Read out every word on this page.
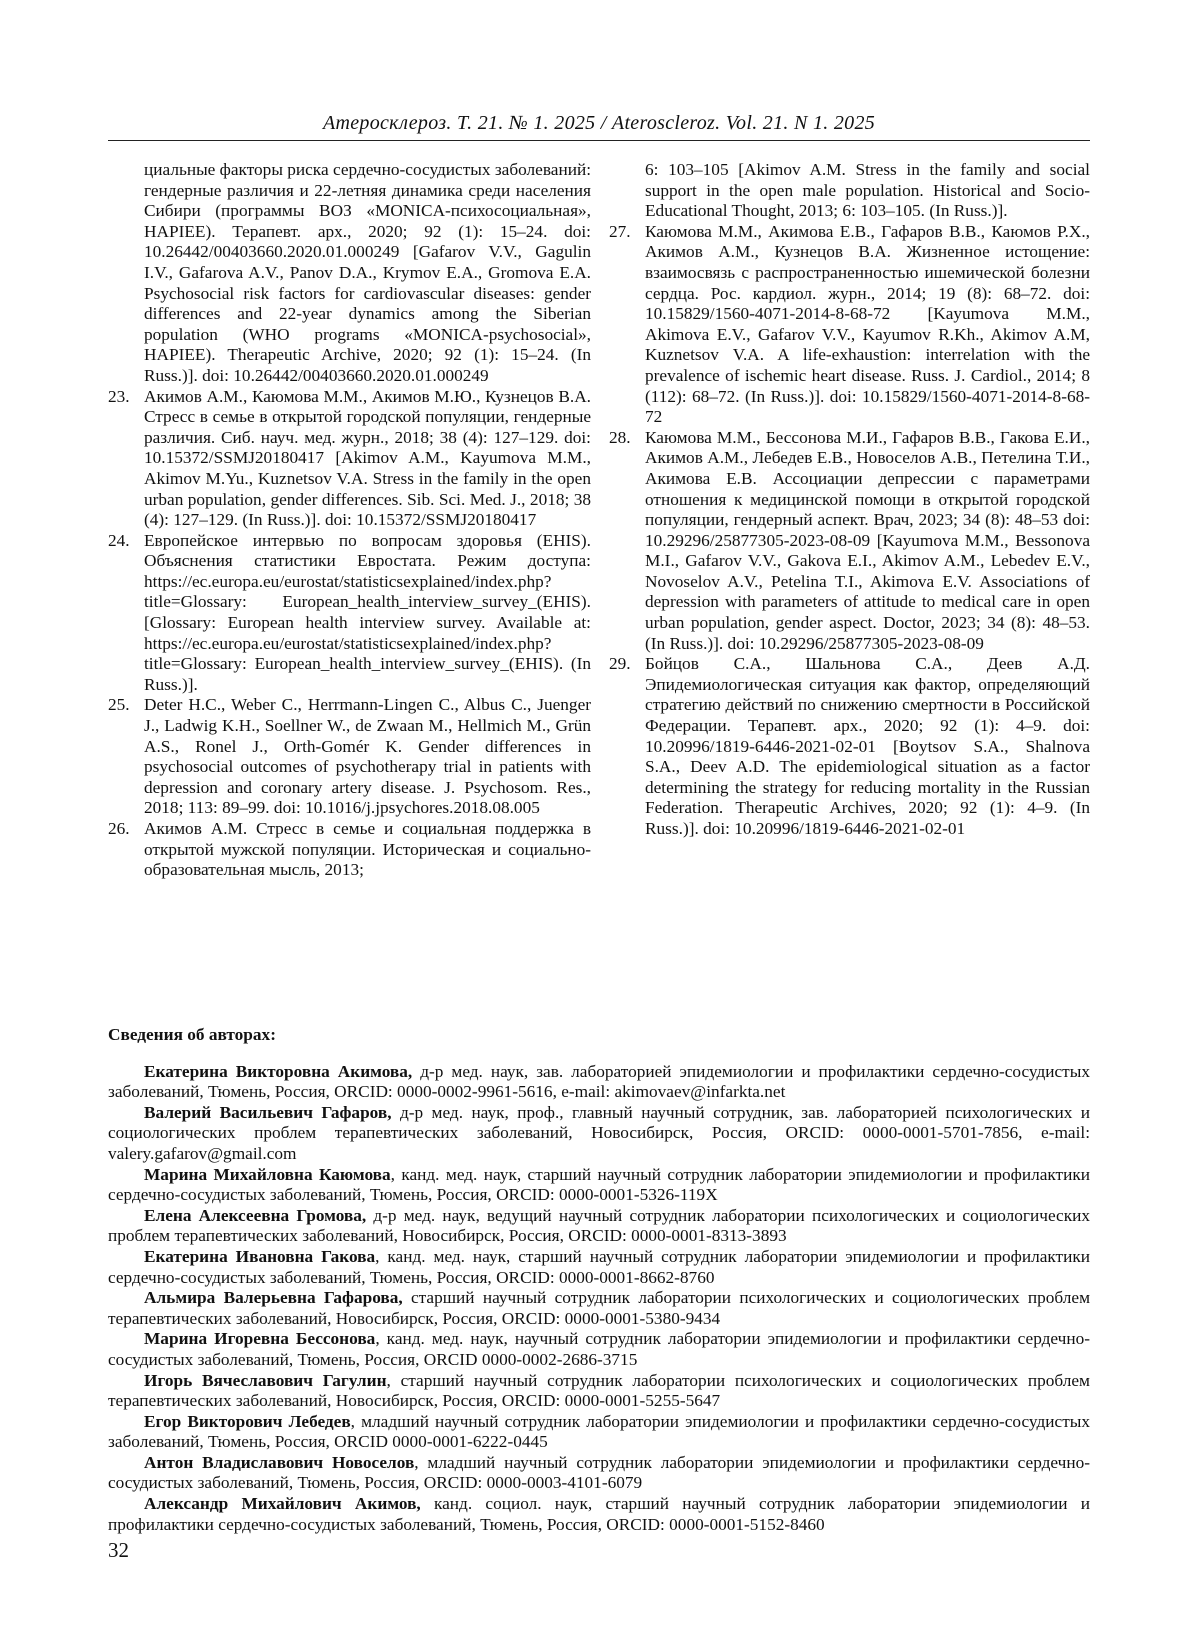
Атеросклероз. Т. 21. № 1. 2025 / Ateroscleroz. Vol. 21. N 1. 2025
циальные факторы риска сердечно-сосудистых заболеваний: гендерные различия и 22-летняя динамика среди населения Сибири (программы ВОЗ «MONICA-психосоциальная», HAPIEE). Терапевт. арх., 2020; 92 (1): 15–24. doi: 10.26442/00403660.2020.01.000249 [Gafarov V.V., Gagulin I.V., Gafarova A.V., Panov D.A., Krymov E.A., Gromova E.A. Psychosocial risk factors for cardiovascular diseases: gender differences and 22-year dynamics among the Siberian population (WHO programs «MONICA-psychosocial», HAPIEE). Therapeutic Archive, 2020; 92 (1): 15–24. (In Russ.)]. doi: 10.26442/00403660.2020.01.000249
23. Акимов А.М., Каюмова М.М., Акимов М.Ю., Кузнецов В.А. Стресс в семье в открытой городской популяции, гендерные различия. Сиб. науч. мед. журн., 2018; 38 (4): 127–129. doi: 10.15372/SSMJ20180417 [Akimov A.M., Kayumova M.M., Akimov M.Yu., Kuznetsov V.A. Stress in the family in the open urban population, gender differences. Sib. Sci. Med. J., 2018; 38 (4): 127–129. (In Russ.)]. doi: 10.15372/SSMJ20180417
24. Европейское интервью по вопросам здоровья (EHIS). Объяснения статистики Евростата. Режим доступа: https://ec.europa.eu/eurostat/statisticsexplained/index.php?title=Glossary: European_health_interview_survey_(EHIS). [Glossary: European health interview survey. Available at: https://ec.europa.eu/eurostat/statisticsexplained/index.php?title=Glossary: European_health_interview_survey_(EHIS). (In Russ.)].
25. Deter H.C., Weber C., Herrmann-Lingen C., Albus C., Juenger J., Ladwig K.H., Soellner W., de Zwaan M., Hellmich M., Grün A.S., Ronel J., Orth-Gomér K. Gender differences in psychosocial outcomes of psychotherapy trial in patients with depression and coronary artery disease. J. Psychosom. Res., 2018; 113: 89–99. doi: 10.1016/j.jpsychores.2018.08.005
26. Акимов А.М. Стресс в семье и социальная поддержка в открытой мужской популяции. Историческая и социально-образовательная мысль, 2013;
6: 103–105 [Akimov A.M. Stress in the family and social support in the open male population. Historical and Socio-Educational Thought, 2013; 6: 103–105. (In Russ.)].
27. Каюмова М.М., Акимова Е.В., Гафаров В.В., Каюмов Р.Х., Акимов А.М., Кузнецов В.А. Жизненное истощение: взаимосвязь с распространенностью ишемической болезни сердца. Рос. кардиол. журн., 2014; 19 (8): 68–72. doi: 10.15829/1560-4071-2014-8-68-72 [Kayumova M.M., Akimova E.V., Gafarov V.V., Kayumov R.Kh., Akimov A.M, Kuznetsov V.A. A life-exhaustion: interrelation with the prevalence of ischemic heart disease. Russ. J. Cardiol., 2014; 8 (112): 68–72. (In Russ.)]. doi: 10.15829/1560-4071-2014-8-68-72
28. Каюмова М.М., Бессонова М.И., Гафаров В.В., Гакова Е.И., Акимов А.М., Лебедев Е.В., Новоселов А.В., Петелина Т.И., Акимова Е.В. Ассоциации депрессии с параметрами отношения к медицинской помощи в открытой городской популяции, гендерный аспект. Врач, 2023; 34 (8): 48–53 doi: 10.29296/25877305-2023-08-09 [Kayumova M.M., Bessonova M.I., Gafarov V.V., Gakova E.I., Akimov A.M., Lebedev E.V., Novoselov A.V., Petelina T.I., Akimova E.V. Associations of depression with parameters of attitude to medical care in open urban population, gender aspect. Doctor, 2023; 34 (8): 48–53. (In Russ.)]. doi: 10.29296/25877305-2023-08-09
29. Бойцов С.А., Шальнова С.А., Деев А.Д. Эпидемиологическая ситуация как фактор, определяющий стратегию действий по снижению смертности в Российской Федерации. Терапевт. арх., 2020; 92 (1): 4–9. doi: 10.20996/1819-6446-2021-02-01 [Boytsov S.A., Shalnova S.A., Deev A.D. The epidemiological situation as a factor determining the strategy for reducing mortality in the Russian Federation. Therapeutic Archives, 2020; 92 (1): 4–9. (In Russ.)]. doi: 10.20996/1819-6446-2021-02-01
Сведения об авторах:

Екатерина Викторовна Акимова, д-р мед. наук, зав. лабораторией эпидемиологии и профилактики сердечно-сосудистых заболеваний, Тюмень, Россия, ORCID: 0000-0002-9961-5616, e-mail: akimovaev@infarkta.net

Валерий Васильевич Гафаров, д-р мед. наук, проф., главный научный сотрудник, зав. лабораторией психологических и социологических проблем терапевтических заболеваний, Новосибирск, Россия, ORCID: 0000-0001-5701-7856, e-mail: valery.gafarov@gmail.com

Марина Михайловна Каюмова, канд. мед. наук, старший научный сотрудник лаборатории эпидемиологии и профилактики сердечно-сосудистых заболеваний, Тюмень, Россия, ORCID: 0000-0001-5326-119X

Елена Алексеевна Громова, д-р мед. наук, ведущий научный сотрудник лаборатории психологических и социологических проблем терапевтических заболеваний, Новосибирск, Россия, ORCID: 0000-0001-8313-3893

Екатерина Ивановна Гакова, канд. мед. наук, старший научный сотрудник лаборатории эпидемиологии и профилактики сердечно-сосудистых заболеваний, Тюмень, Россия, ORCID: 0000-0001-8662-8760

Альмира Валерьевна Гафарова, старший научный сотрудник лаборатории психологических и социологических проблем терапевтических заболеваний, Новосибирск, Россия, ORCID: 0000-0001-5380-9434

Марина Игоревна Бессонова, канд. мед. наук, научный сотрудник лаборатории эпидемиологии и профилактики сердечно-сосудистых заболеваний, Тюмень, Россия, ORCID 0000-0002-2686-3715

Игорь Вячеславович Гагулин, старший научный сотрудник лаборатории психологических и социологических проблем терапевтических заболеваний, Новосибирск, Россия, ORCID: 0000-0001-5255-5647

Егор Викторович Лебедев, младший научный сотрудник лаборатории эпидемиологии и профилактики сердечно-сосудистых заболеваний, Тюмень, Россия, ORCID 0000-0001-6222-0445

Антон Владиславович Новоселов, младший научный сотрудник лаборатории эпидемиологии и профилактики сердечно-сосудистых заболеваний, Тюмень, Россия, ORCID: 0000-0003-4101-6079

Александр Михайлович Акимов, канд. социол. наук, старший научный сотрудник лаборатории эпидемиологии и профилактики сердечно-сосудистых заболеваний, Тюмень, Россия, ORCID: 0000-0001-5152-8460

32
